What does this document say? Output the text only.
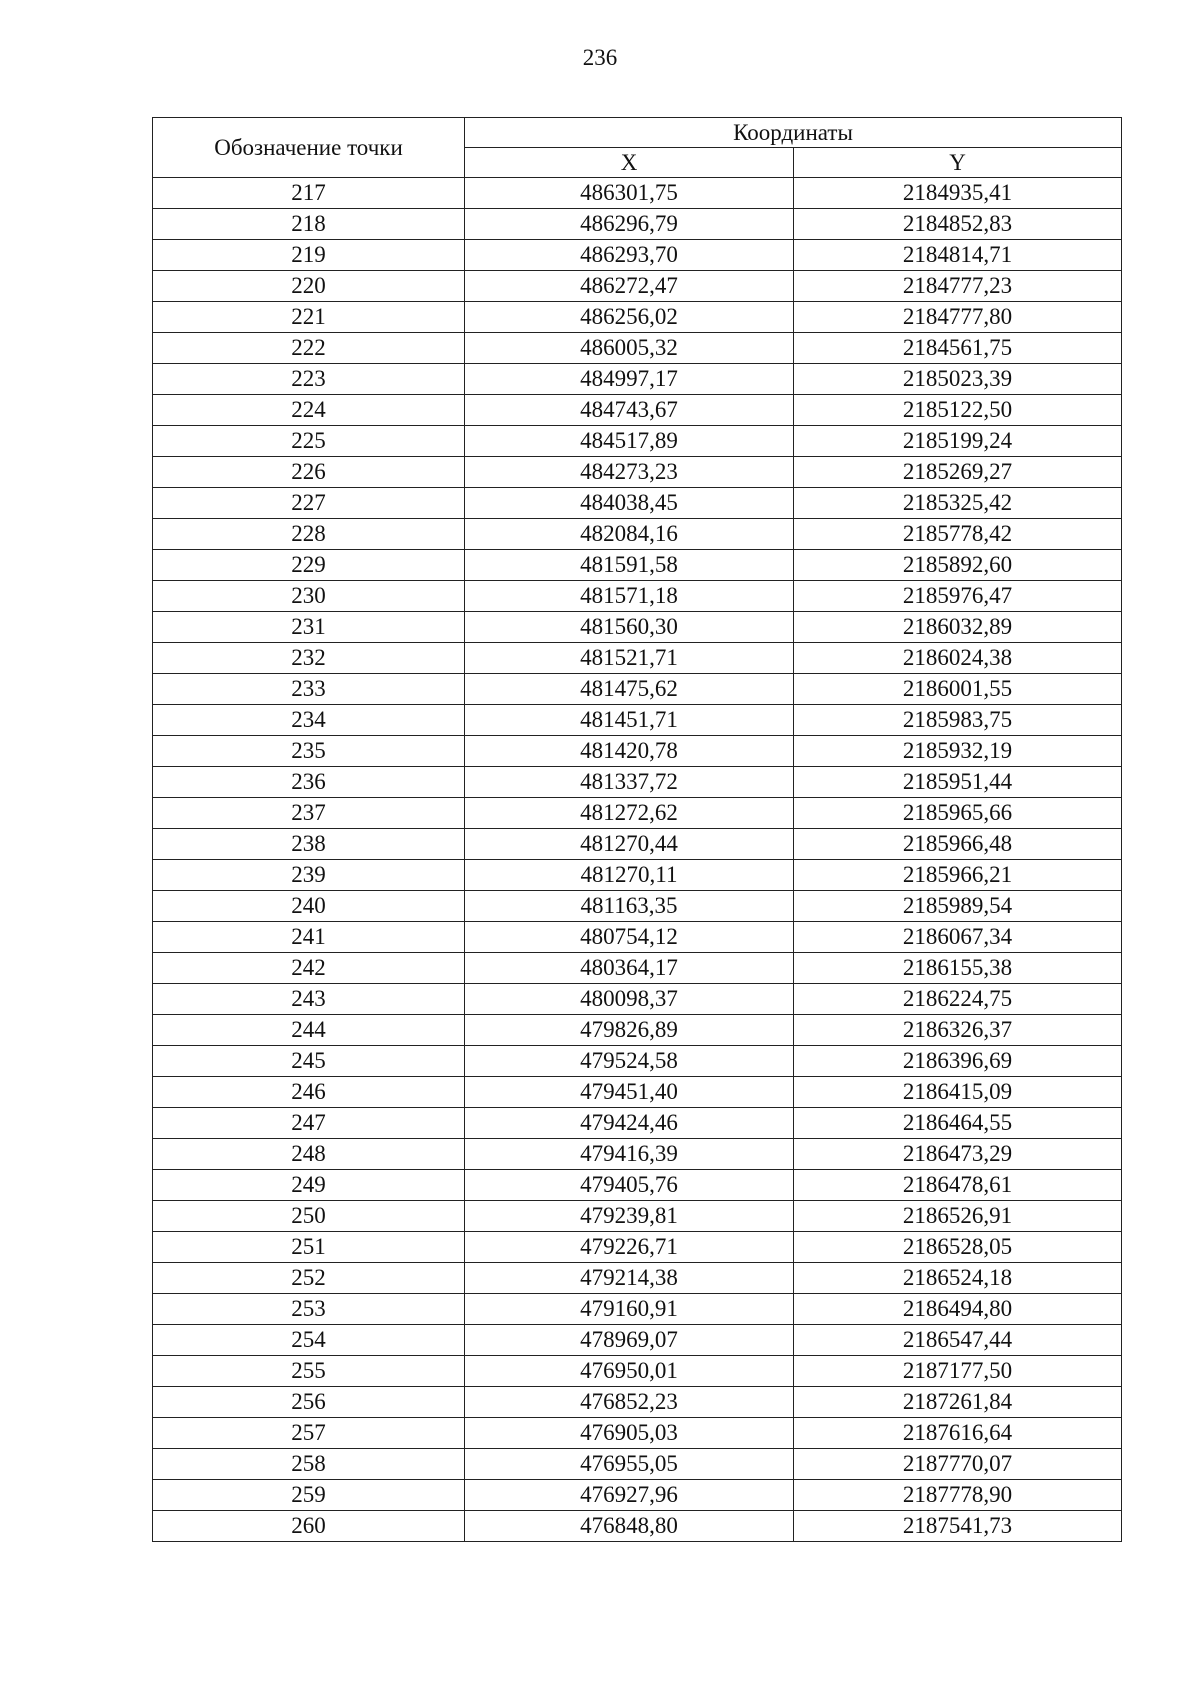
236
Обозначение точки	Координаты	
	X	Y
217	486301,75	2184935,41
218	486296,79	2184852,83
219	486293,70	2184814,71
220	486272,47	2184777,23
221	486256,02	2184777,80
222	486005,32	2184561,75
223	484997,17	2185023,39
224	484743,67	2185122,50
225	484517,89	2185199,24
226	484273,23	2185269,27
227	484038,45	2185325,42
228	482084,16	2185778,42
229	481591,58	2185892,60
230	481571,18	2185976,47
231	481560,30	2186032,89
232	481521,71	2186024,38
233	481475,62	2186001,55
234	481451,71	2185983,75
235	481420,78	2185932,19
236	481337,72	2185951,44
237	481272,62	2185965,66
238	481270,44	2185966,48
239	481270,11	2185966,21
240	481163,35	2185989,54
241	480754,12	2186067,34
242	480364,17	2186155,38
243	480098,37	2186224,75
244	479826,89	2186326,37
245	479524,58	2186396,69
246	479451,40	2186415,09
247	479424,46	2186464,55
248	479416,39	2186473,29
249	479405,76	2186478,61
250	479239,81	2186526,91
251	479226,71	2186528,05
252	479214,38	2186524,18
253	479160,91	2186494,80
254	478969,07	2186547,44
255	476950,01	2187177,50
256	476852,23	2187261,84
257	476905,03	2187616,64
258	476955,05	2187770,07
259	476927,96	2187778,90
260	476848,80	2187541,73
